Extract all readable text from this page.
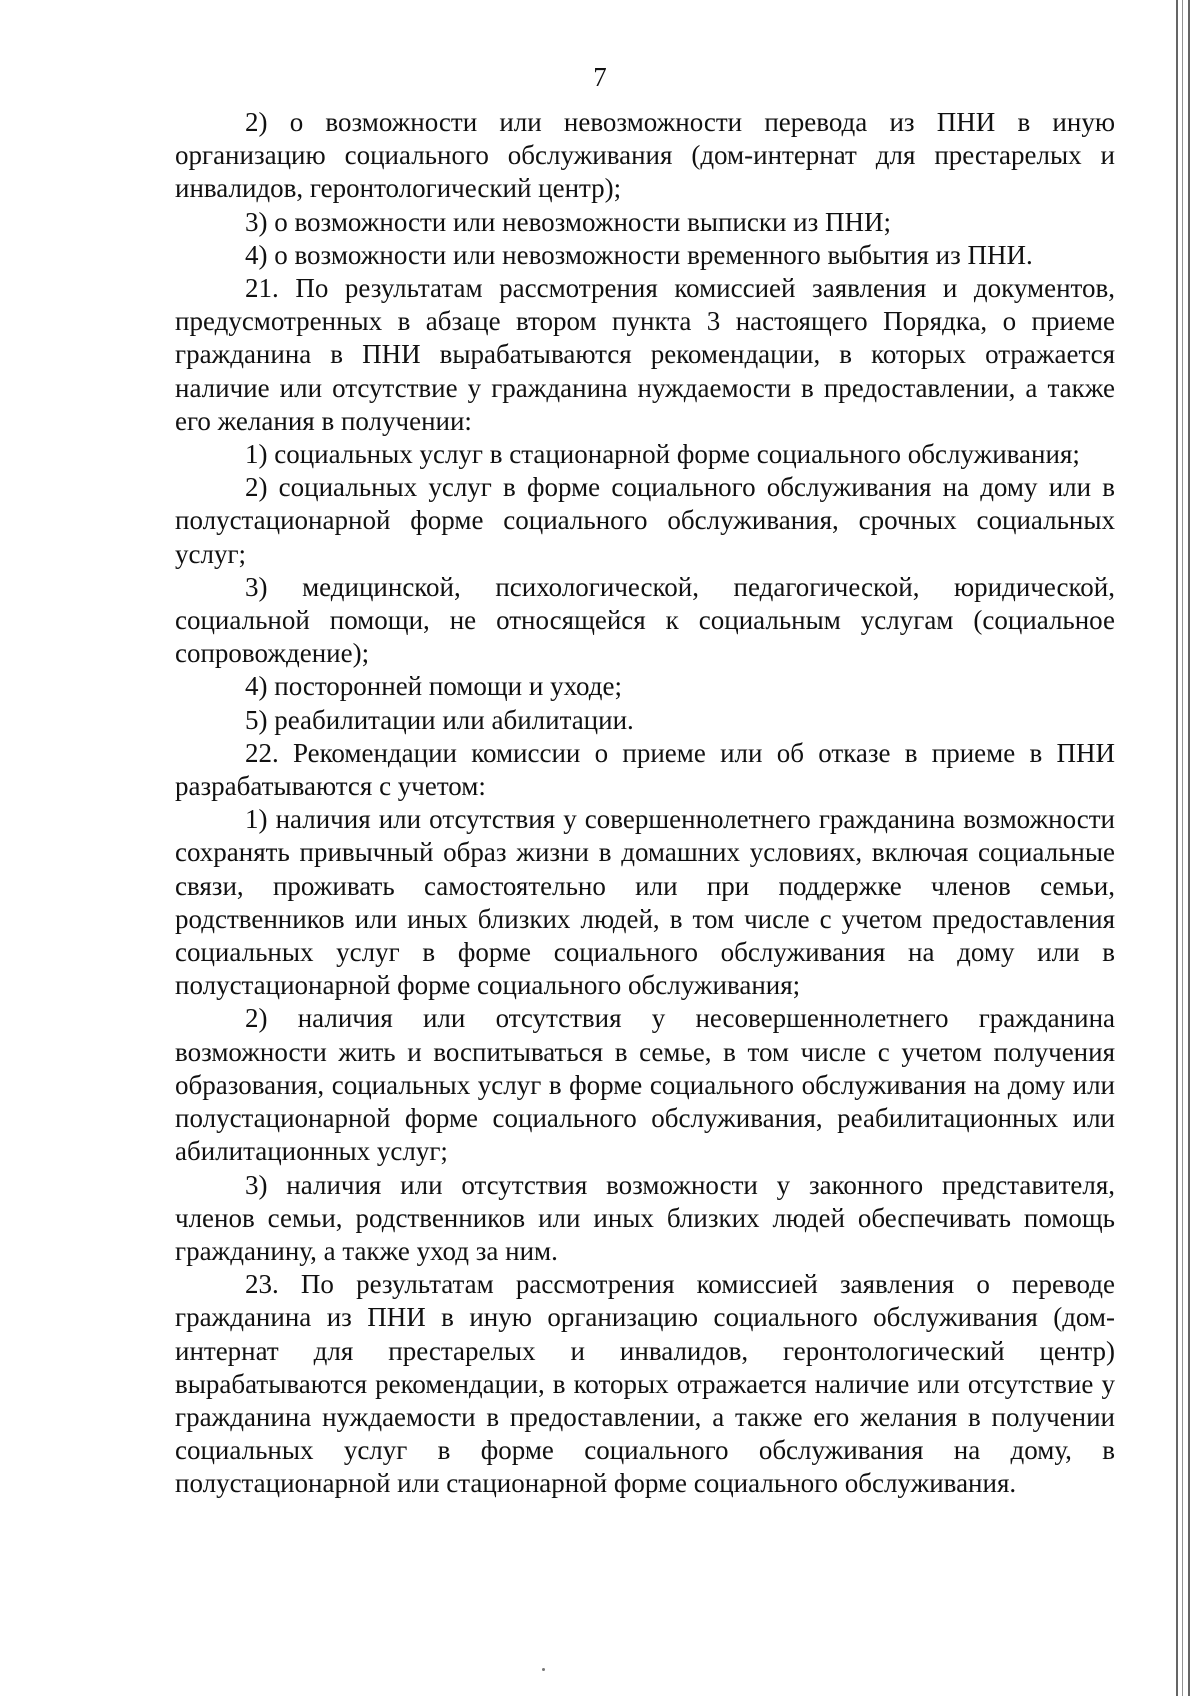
7

2) о возможности или невозможности перевода из ПНИ в иную организацию социального обслуживания (дом-интернат для престарелых и инвалидов, геронтологический центр);

3) о возможности или невозможности выписки из ПНИ;

4) о возможности или невозможности временного выбытия из ПНИ.

21. По результатам рассмотрения комиссией заявления и документов, предусмотренных в абзаце втором пункта 3 настоящего Порядка, о приеме гражданина в ПНИ вырабатываются рекомендации, в которых отражается наличие или отсутствие у гражданина нуждаемости в предоставлении, а также его желания в получении:

1) социальных услуг в стационарной форме социального обслуживания;

2) социальных услуг в форме социального обслуживания на дому или в полустационарной форме социального обслуживания, срочных социальных услуг;

3) медицинской, психологической, педагогической, юридической, социальной помощи, не относящейся к социальным услугам (социальное сопровождение);

4) посторонней помощи и уходе;

5) реабилитации или абилитации.

22. Рекомендации комиссии о приеме или об отказе в приеме в ПНИ разрабатываются с учетом:

1) наличия или отсутствия у совершеннолетнего гражданина возможности сохранять привычный образ жизни в домашних условиях, включая социальные связи, проживать самостоятельно или при поддержке членов семьи, родственников или иных близких людей, в том числе с учетом предоставления социальных услуг в форме социального обслуживания на дому или в полустационарной форме социального обслуживания;

2) наличия или отсутствия у несовершеннолетнего гражданина возможности жить и воспитываться в семье, в том числе с учетом получения образования, социальных услуг в форме социального обслуживания на дому или полустационарной форме социального обслуживания, реабилитационных или абилитационных услуг;

3) наличия или отсутствия возможности у законного представителя, членов семьи, родственников или иных близких людей обеспечивать помощь гражданину, а также уход за ним.

23. По результатам рассмотрения комиссией заявления о переводе гражданина из ПНИ в иную организацию социального обслуживания (дом-интернат для престарелых и инвалидов, геронтологический центр) вырабатываются рекомендации, в которых отражается наличие или отсутствие у гражданина нуждаемости в предоставлении, а также его желания в получении социальных услуг в форме социального обслуживания на дому, в полустационарной или стационарной форме социального обслуживания.
